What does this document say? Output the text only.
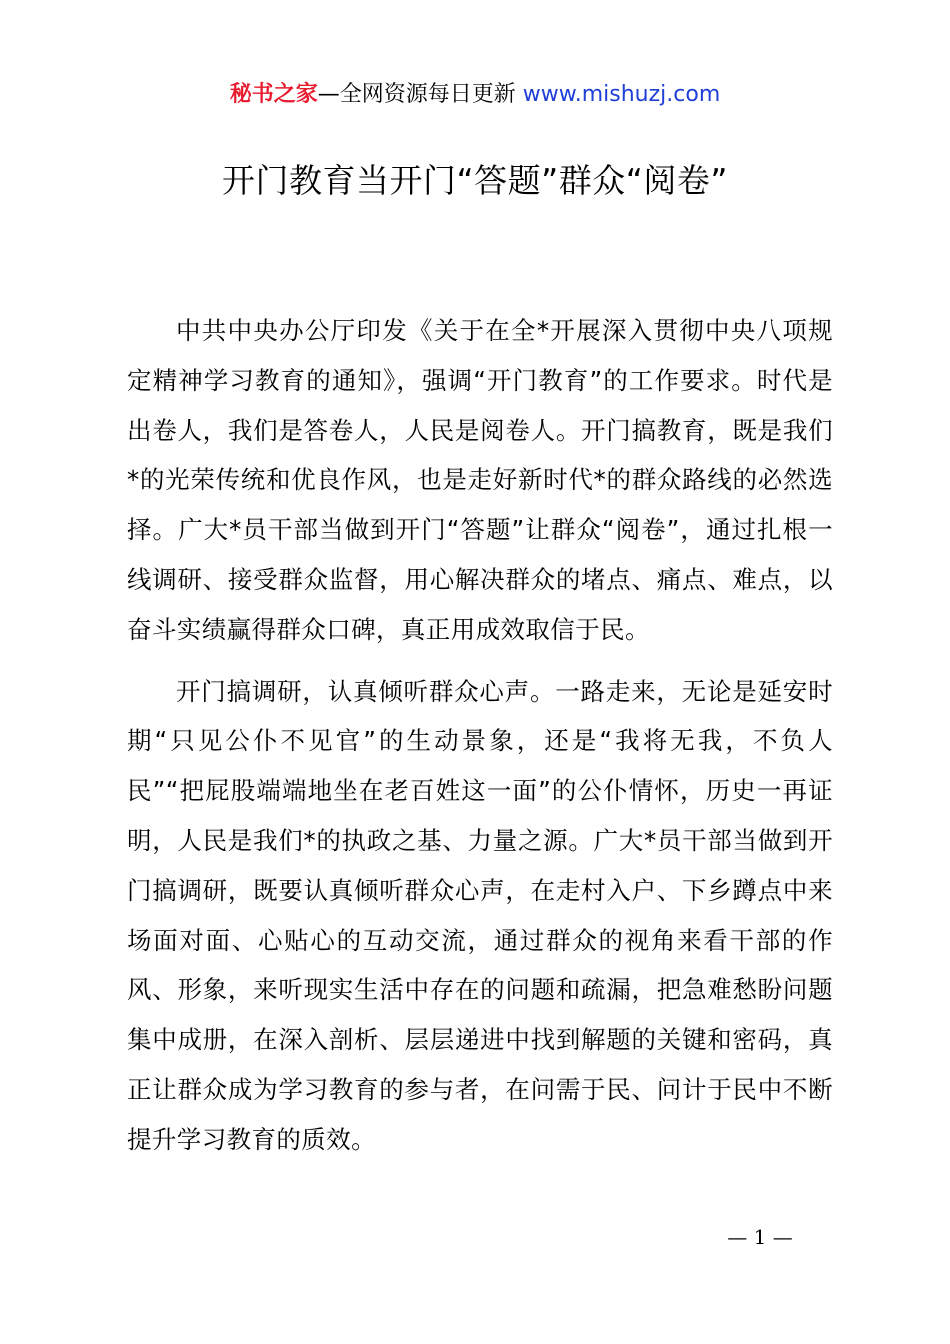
秘书之家—全网资源每日更新 www.mishuzj.com
开门教育当开门“答题”群众“阅卷”

中共中央办公厅印发《关于在全*开展深入贯彻中央八项规定精神学习教育的通知》，强调“开门教育”的工作要求。时代是出卷人，我们是答卷人，人民是阅卷人。开门搞教育，既是我们*的光荣传统和优良作风，也是走好新时代*的群众路线的必然选择。广大*员干部当做到开门“答题”让群众“阅卷”，通过扎根一线调研、接受群众监督，用心解决群众的堵点、痛点、难点，以奋斗实绩赢得群众口碑，真正用成效取信于民。

开门搞调研，认真倾听群众心声。一路走来，无论是延安时期“只见公仆不见官”的生动景象，还是“我将无我，不负人民”“把屁股端端地坐在老百姓这一面”的公仆情怀，历史一再证明，人民是我们*的执政之基、力量之源。广大*员干部当做到开门搞调研，既要认真倾听群众心声，在走村入户、下乡蹲点中来场面对面、心贴心的互动交流，通过群众的视角来看干部的作风、形象，来听现实生活中存在的问题和疏漏，把急难愁盼问题集中成册，在深入剖析、层层递进中找到解题的关键和密码，真正让群众成为学习教育的参与者，在问需于民、问计于民中不断提升学习教育的质效。

— 1 —
